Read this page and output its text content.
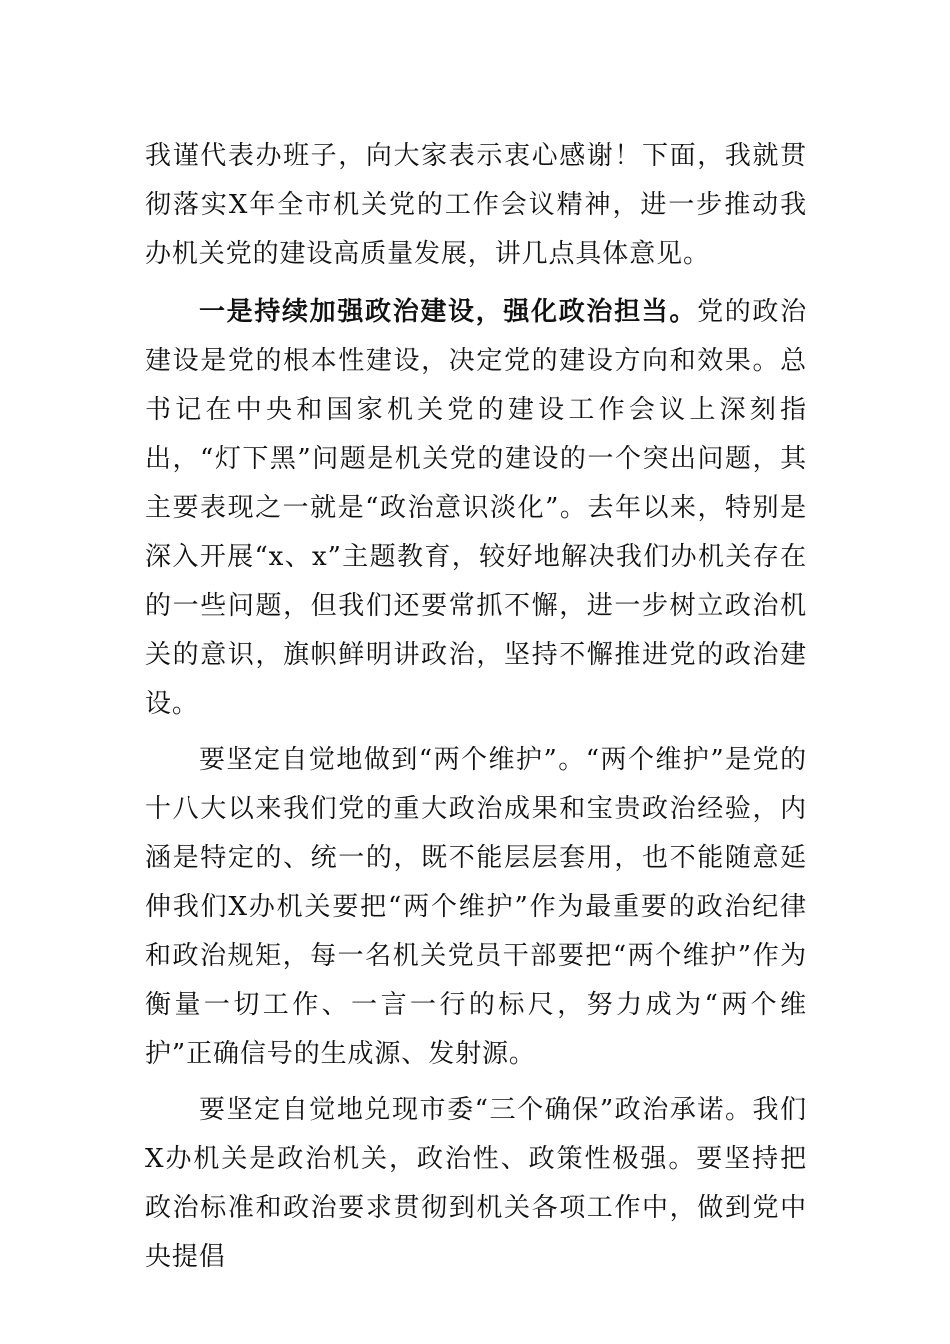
我谨代表办班子，向大家表示衷心感谢！下面，我就贯彻落实X年全市机关党的工作会议精神，进一步推动我办机关党的建设高质量发展，讲几点具体意见。

一是持续加强政治建设，强化政治担当。党的政治建设是党的根本性建设，决定党的建设方向和效果。总书记在中央和国家机关党的建设工作会议上深刻指出，“灯下黑”问题是机关党的建设的一个突出问题，其主要表现之一就是“政治意识淡化”。去年以来，特别是深入开展“x、x”主题教育，较好地解决我们办机关存在的一些问题，但我们还要常抓不懈，进一步树立政治机关的意识，旗帜鲜明讲政治，坚持不懈推进党的政治建设。

要坚定自觉地做到“两个维护”。“两个维护”是党的十八大以来我们党的重大政治成果和宝贵政治经验，内涵是特定的、统一的，既不能层层套用，也不能随意延伸我们X办机关要把“两个维护”作为最重要的政治纪律和政治规矩，每一名机关党员干部要把“两个维护”作为衡量一切工作、一言一行的标尺，努力成为“两个维护”正确信号的生成源、发射源。

要坚定自觉地兑现市委“三个确保”政治承诺。我们X办机关是政治机关，政治性、政策性极强。要坚持把政治标准和政治要求贯彻到机关各项工作中，做到党中央提倡
